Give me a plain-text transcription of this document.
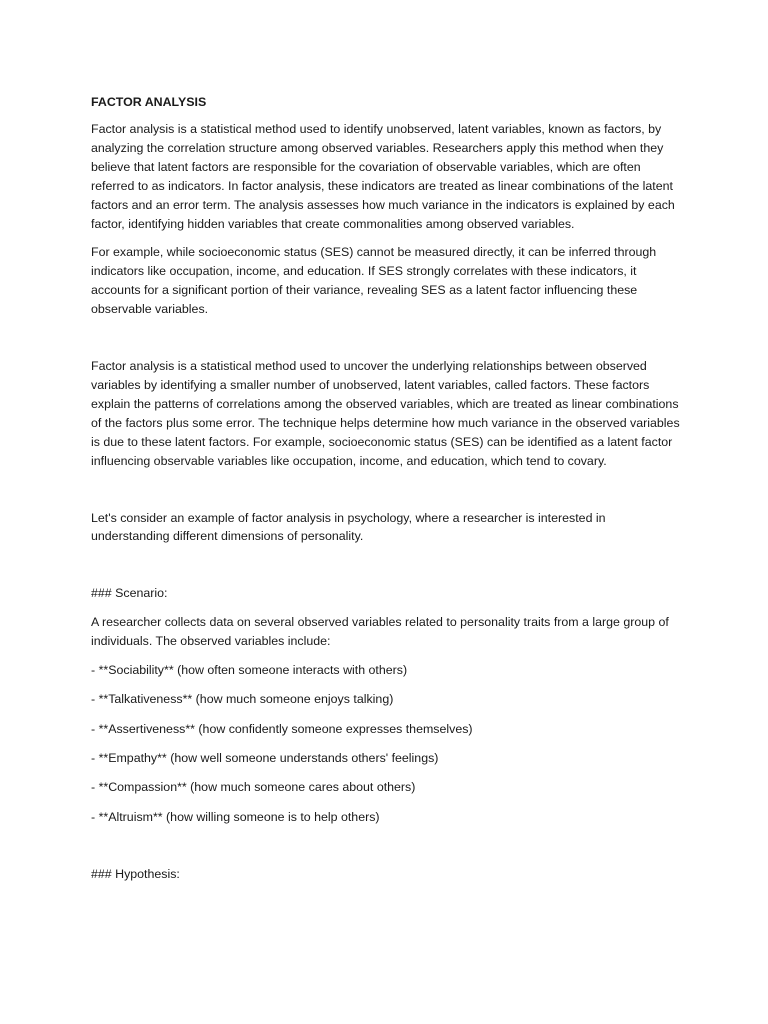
FACTOR ANALYSIS

Factor analysis is a statistical method used to identify unobserved, latent variables, known as factors, by analyzing the correlation structure among observed variables. Researchers apply this method when they believe that latent factors are responsible for the covariation of observable variables, which are often referred to as indicators. In factor analysis, these indicators are treated as linear combinations of the latent factors and an error term. The analysis assesses how much variance in the indicators is explained by each factor, identifying hidden variables that create commonalities among observed variables.

For example, while socioeconomic status (SES) cannot be measured directly, it can be inferred through indicators like occupation, income, and education. If SES strongly correlates with these indicators, it accounts for a significant portion of their variance, revealing SES as a latent factor influencing these observable variables.

Factor analysis is a statistical method used to uncover the underlying relationships between observed variables by identifying a smaller number of unobserved, latent variables, called factors. These factors explain the patterns of correlations among the observed variables, which are treated as linear combinations of the factors plus some error. The technique helps determine how much variance in the observed variables is due to these latent factors. For example, socioeconomic status (SES) can be identified as a latent factor influencing observable variables like occupation, income, and education, which tend to covary.

Let's consider an example of factor analysis in psychology, where a researcher is interested in understanding different dimensions of personality.

### Scenario:

A researcher collects data on several observed variables related to personality traits from a large group of individuals. The observed variables include:

- **Sociability** (how often someone interacts with others)
- **Talkativeness** (how much someone enjoys talking)
- **Assertiveness** (how confidently someone expresses themselves)
- **Empathy** (how well someone understands others' feelings)
- **Compassion** (how much someone cares about others)
- **Altruism** (how willing someone is to help others)

### Hypothesis:
